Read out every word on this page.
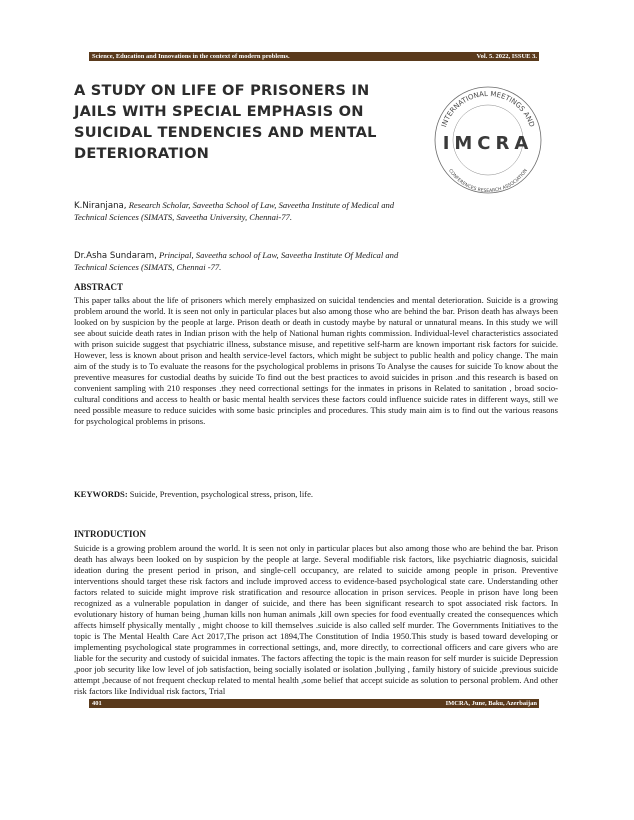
Science, Education and Innovations in the context of modern problems.	Vol. 5. 2022, ISSUE 3.
A STUDY ON LIFE OF PRISONERS IN JAILS WITH SPECIAL EMPHASIS ON SUICIDAL TENDENCIES AND MENTAL DETERIORATION
INTERNATIONAL MEETINGS AND
CONFERENCES RESEARCH ASSOCIATION
IMCRA
K.Niranjana, Research Scholar, Saveetha School of Law, Saveetha Institute of Medical and Technical Sciences (SIMATS, Saveetha University, Chennai-77.
Dr.Asha Sundaram, Principal, Saveetha school of Law, Saveetha Institute Of Medical and Technical Sciences (SIMATS, Chennai -77.
ABSTRACT

This paper talks about the life of prisoners which merely emphasized on suicidal tendencies and mental deterioration. Suicide is a growing problem around the world. It is seen not only in particular places but also among those who are behind the bar. Prison death has always been looked on by suspicion by the people at large. Prison death or death in custody maybe by natural or unnatural means. In this study we will see about suicide death rates in Indian prison with the help of National human rights commission. Individual-level characteristics associated with prison suicide suggest that psychiatric illness, substance misuse, and repetitive self-harm are known important risk factors for suicide. However, less is known about prison and health service-level factors, which might be subject to public health and policy change. The main aim of the study is to To evaluate the reasons for the psychological problems in prisons To Analyse the causes for suicide To know about the preventive measures for custodial deaths by suicide To find out the best practices to avoid suicides in prison .and this research is based on convenient sampling with 210 responses .they need correctional settings for the inmates in prisons in Related to sanitation , broad socio-cultural conditions and access to health or basic mental health services these factors could influence suicide rates in different ways, still we need possible measure to reduce suicides with some basic principles and procedures. This study main aim is to find out the various reasons for psychological problems in prisons.

KEYWORDS: Suicide, Prevention, psychological stress, prison, life.

INTRODUCTION

Suicide is a growing problem around the world. It is seen not only in particular places but also among those who are behind the bar. Prison death has always been looked on by suspicion by the people at large. Several modifiable risk factors, like psychiatric diagnosis, suicidal ideation during the present period in prison, and single-cell occupancy, are related to suicide among people in prison. Preventive interventions should target these risk factors and include improved access to evidence-based psychological state care. Understanding other factors related to suicide might improve risk stratification and resource allocation in prison services. People in prison have long been recognized as a vulnerable population in danger of suicide, and there has been significant research to spot associated risk factors. In evolutionary history of human being ,human kills non human animals ,kill own species for food eventually created the consequences which affects himself physically mentally , might choose to kill themselves .suicide is also called self murder. The Governments Initiatives to the topic is The Mental Health Care Act 2017,The prison act 1894,The Constitution of India 1950.This study is based toward developing or implementing psychological state programmes in correctional settings, and, more directly, to correctional officers and care givers who are liable for the security and custody of suicidal inmates. The factors affecting the topic is the main reason for self murder is suicide Depression ,poor job security like low level of job satisfaction, being socially isolated or isolation ,bullying , family history of suicide ,previous suicide attempt ,because of not frequent checkup related to mental health ,some belief that accept suicide as solution to personal problem. And other risk factors like Individual risk factors, Trial

401	IMCRA, June, Baku, Azerbaijan
